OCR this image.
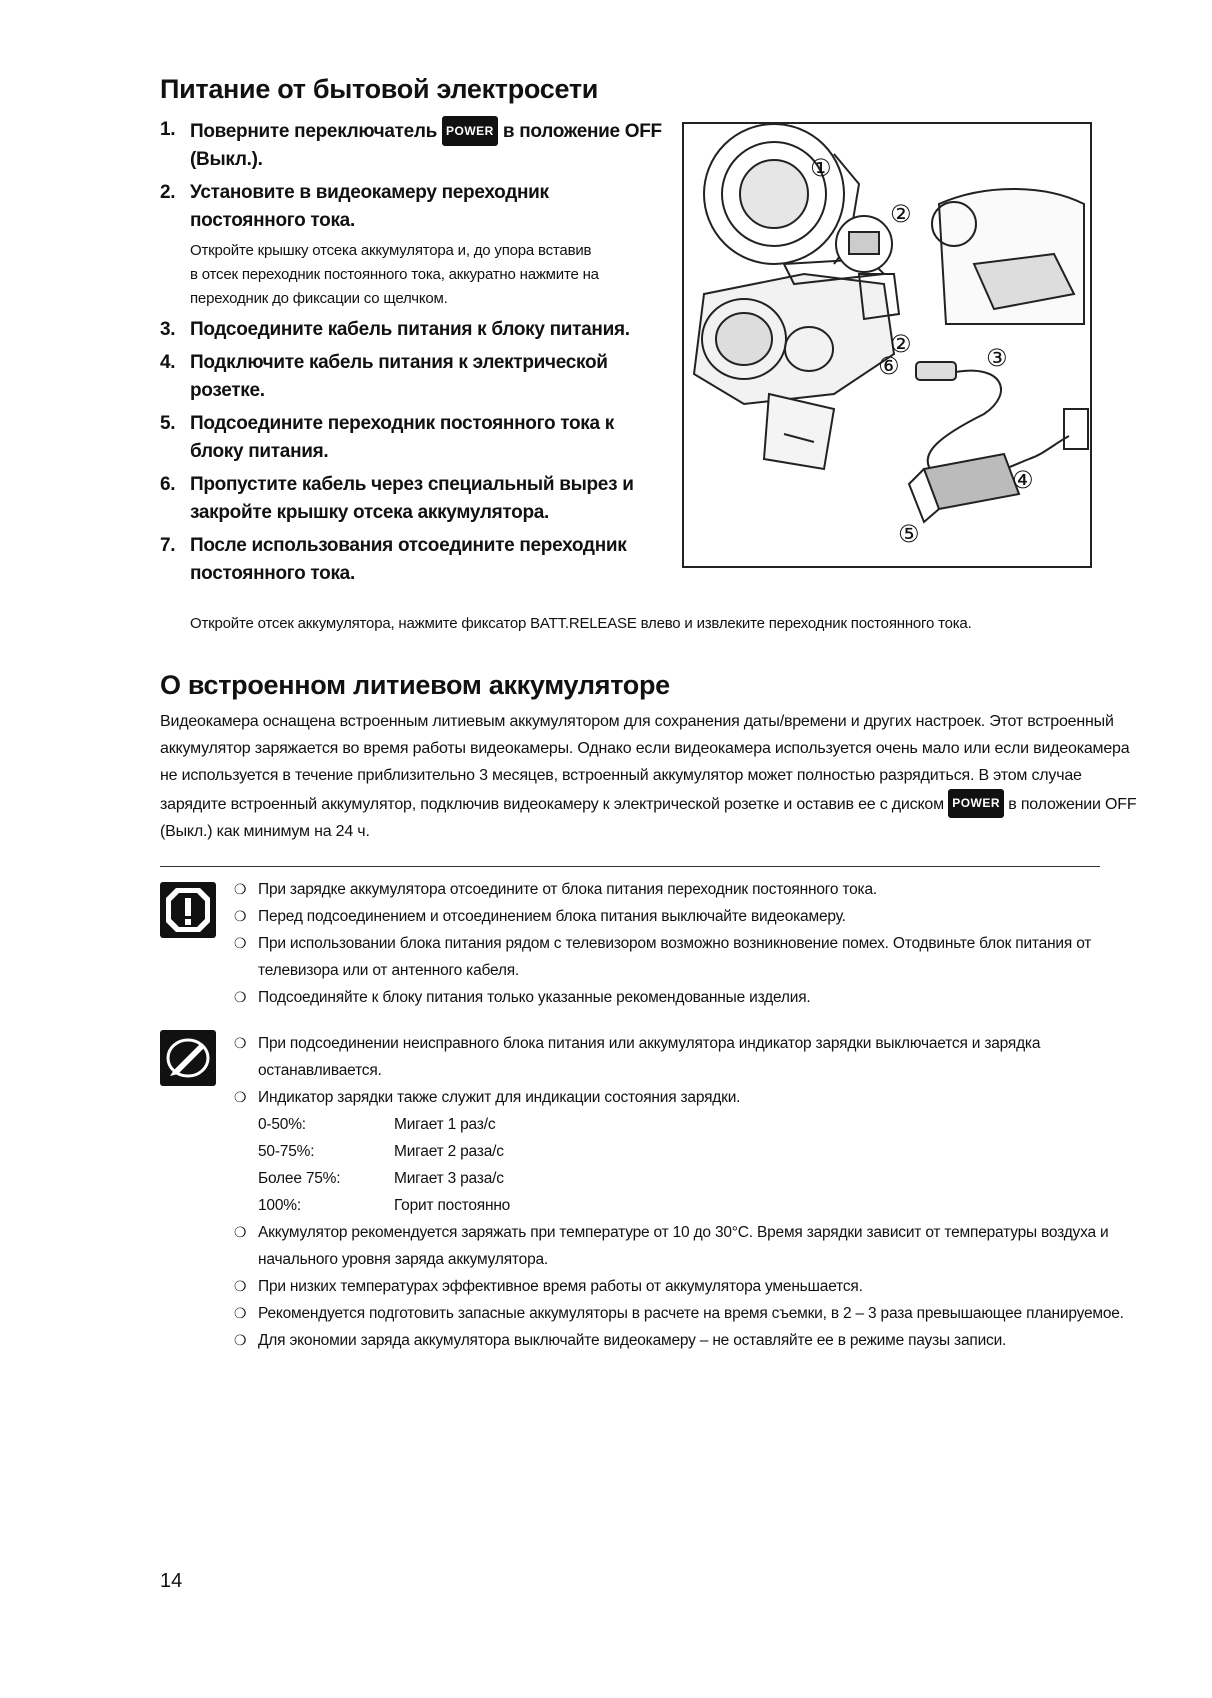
Питание от бытовой электросети
1. Поверните переключатель POWER в положение OFF (Выкл.).
2. Установите в видеокамеру переходник постоянного тока.
Откройте крышку отсека аккумулятора и, до упора вставив в отсек переходник постоянного тока, аккуратно нажмите на переходник до фиксации со щелчком.
3. Подсоедините кабель питания к блоку питания.
4. Подключите кабель питания к электрической розетке.
5. Подсоедините переходник постоянного тока к блоку питания.
6. Пропустите кабель через специальный вырез и закройте крышку отсека аккумулятора.
7. После использования отсоедините переходник постоянного тока.
Откройте отсек аккумулятора, нажмите фиксатор BATT.RELEASE влево и извлеките переходник постоянного тока.
①
②
②
③
④
⑤
⑥
О встроенном литиевом аккумуляторе
Видеокамера оснащена встроенным литиевым аккумулятором для сохранения даты/времени и других настроек. Этот встроенный аккумулятор заряжается во время работы видеокамеры. Однако если видеокамера используется очень мало или если видеокамера не используется в течение приблизительно 3 месяцев, встроенный аккумулятор может полностью разрядиться. В этом случае зарядите встроенный аккумулятор, подключив видеокамеру к электрической розетке и оставив ее с диском POWER в положении OFF (Выкл.) как минимум на 24 ч.
❍ При зарядке аккумулятора отсоедините от блока питания переходник постоянного тока.
❍ Перед подсоединением и отсоединением блока питания выключайте видеокамеру.
❍ При использовании блока питания рядом с телевизором возможно возникновение помех. Отодвиньте блок питания от телевизора или от антенного кабеля.
❍ Подсоединяйте к блоку питания только указанные рекомендованные изделия.
❍ При подсоединении неисправного блока питания или аккумулятора индикатор зарядки выключается и зарядка останавливается.
❍ Индикатор зарядки также служит для индикации состояния зарядки.
0-50%:	Мигает 1 раз/с
50-75%:	Мигает 2 раза/с
Более 75%:	Мигает 3 раза/с
100%:	Горит постоянно
❍ Аккумулятор рекомендуется заряжать при температуре от 10 до 30°С. Время зарядки зависит от температуры воздуха и начального уровня заряда аккумулятора.
❍ При низких температурах эффективное время работы от аккумулятора уменьшается.
❍ Рекомендуется подготовить запасные аккумуляторы в расчете на время съемки, в 2 – 3 раза превышающее планируемое.
❍ Для экономии заряда аккумулятора выключайте видеокамеру – не оставляйте ее в режиме паузы записи.
14
